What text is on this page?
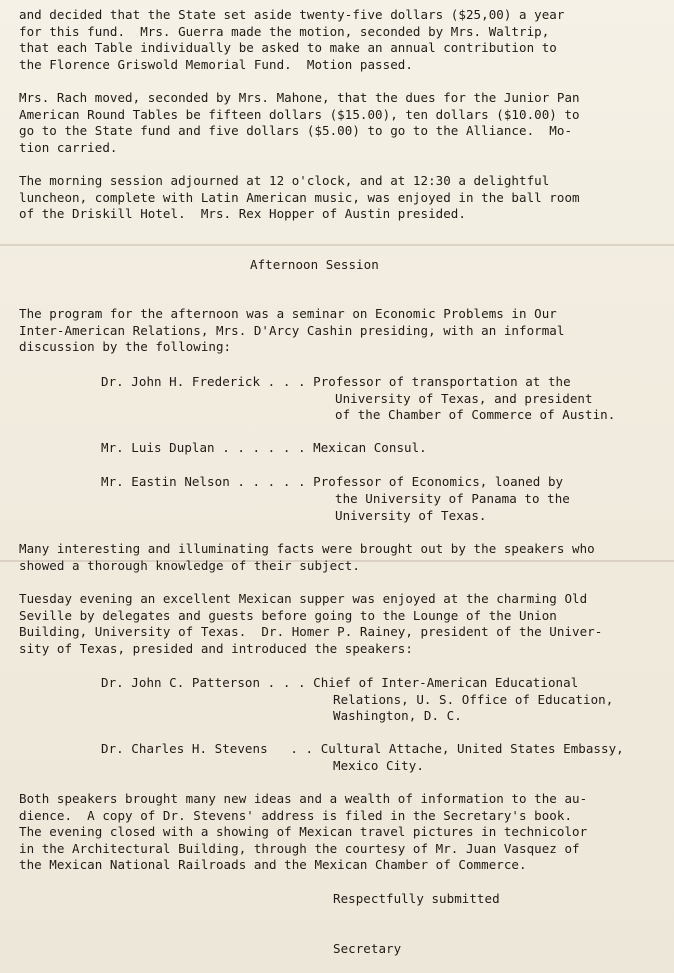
and decided that the State set aside twenty-five dollars ($25,00) a year
for this fund.  Mrs. Guerra made the motion, seconded by Mrs. Waltrip,
that each Table individually be asked to make an annual contribution to
the Florence Griswold Memorial Fund.  Motion passed.
Mrs. Rach moved, seconded by Mrs. Mahone, that the dues for the Junior Pan
American Round Tables be fifteen dollars ($15.00), ten dollars ($10.00) to
go to the State fund and five dollars ($5.00) to go to the Alliance.  Mo-
tion carried.
The morning session adjourned at 12 o'clock, and at 12:30 a delightful
luncheon, complete with Latin American music, was enjoyed in the ball room
of the Driskill Hotel.  Mrs. Rex Hopper of Austin presided.
Afternoon Session
The program for the afternoon was a seminar on Economic Problems in Our
Inter-American Relations, Mrs. D'Arcy Cashin presiding, with an informal
discussion by the following:
Dr. John H. Frederick . . . Professor of transportation at the
University of Texas, and president
of the Chamber of Commerce of Austin.
Mr. Luis Duplan . . . . . . Mexican Consul.
Mr. Eastin Nelson . . . . . Professor of Economics, loaned by
the University of Panama to the
University of Texas.
Many interesting and illuminating facts were brought out by the speakers who
showed a thorough knowledge of their subject.
Tuesday evening an excellent Mexican supper was enjoyed at the charming Old
Seville by delegates and guests before going to the Lounge of the Union
Building, University of Texas.  Dr. Homer P. Rainey, president of the Univer-
sity of Texas, presided and introduced the speakers:
Dr. John C. Patterson . . . Chief of Inter-American Educational
Relations, U. S. Office of Education,
Washington, D. C.
Dr. Charles H. Stevens   . . Cultural Attache, United States Embassy,
Mexico City.
Both speakers brought many new ideas and a wealth of information to the au-
dience.  A copy of Dr. Stevens' address is filed in the Secretary's book.
The evening closed with a showing of Mexican travel pictures in technicolor
in the Architectural Building, through the courtesy of Mr. Juan Vasquez of
the Mexican National Railroads and the Mexican Chamber of Commerce.
Respectfully submitted
Secretary
